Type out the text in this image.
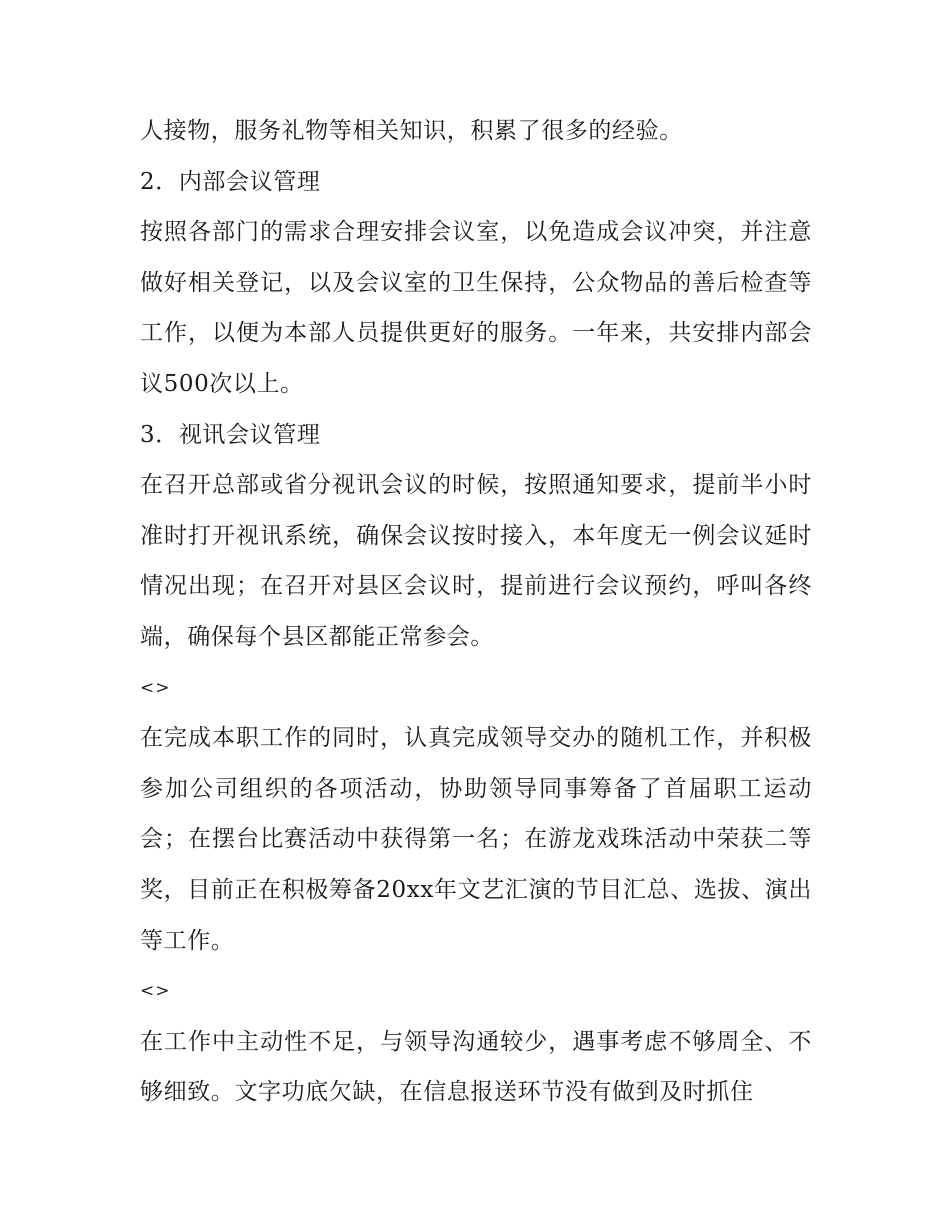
人接物，服务礼物等相关知识，积累了很多的经验。

2．内部会议管理

按照各部门的需求合理安排会议室，以免造成会议冲突，并注意做好相关登记，以及会议室的卫生保持，公众物品的善后检查等工作，以便为本部人员提供更好的服务。一年来，共安排内部会议500次以上。

3．视讯会议管理

在召开总部或省分视讯会议的时候，按照通知要求，提前半小时准时打开视讯系统，确保会议按时接入，本年度无一例会议延时情况出现；在召开对县区会议时，提前进行会议预约，呼叫各终端，确保每个县区都能正常参会。

<>

在完成本职工作的同时，认真完成领导交办的随机工作，并积极参加公司组织的各项活动，协助领导同事筹备了首届职工运动会；在摆台比赛活动中获得第一名；在游龙戏珠活动中荣获二等奖，目前正在积极筹备20xx年文艺汇演的节目汇总、选拔、演出等工作。

<>

在工作中主动性不足，与领导沟通较少，遇事考虑不够周全、不够细致。文字功底欠缺，在信息报送环节没有做到及时抓住
